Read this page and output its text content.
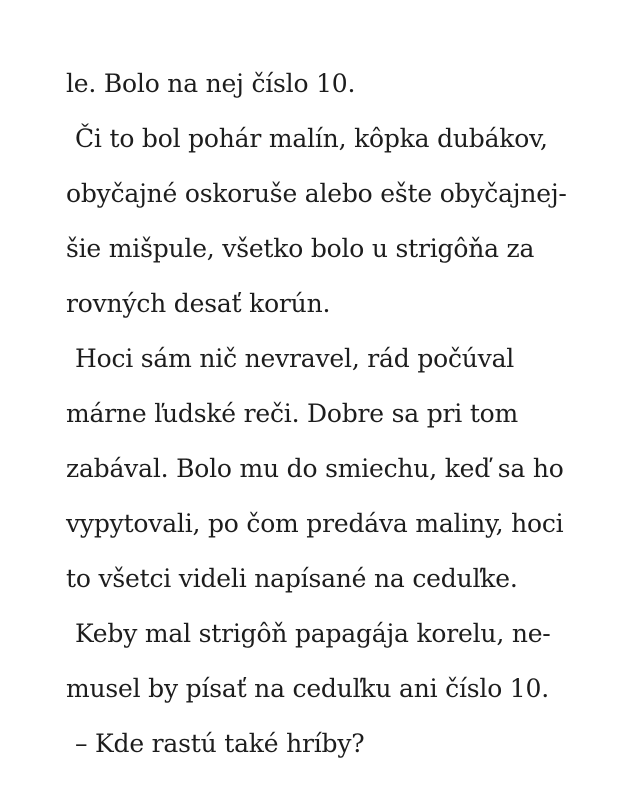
le. Bolo na nej číslo 10.
Či to bol pohár malín, kôpka dubákov,
obyčajné oskoruše alebo ešte obyčajnej-
šie mišpule, všetko bolo u strigôňa za
rovných desať korún.
Hoci sám nič nevravel, rád počúval
márne ľudské reči. Dobre sa pri tom
zabával. Bolo mu do smiechu, keď sa ho
vypytovali, po čom predáva maliny, hoci
to všetci videli napísané na ceduľke.
Keby mal strigôň papagája korelu, ne-
musel by písať na ceduľku ani číslo 10.
– Kde rastú také hríby?
